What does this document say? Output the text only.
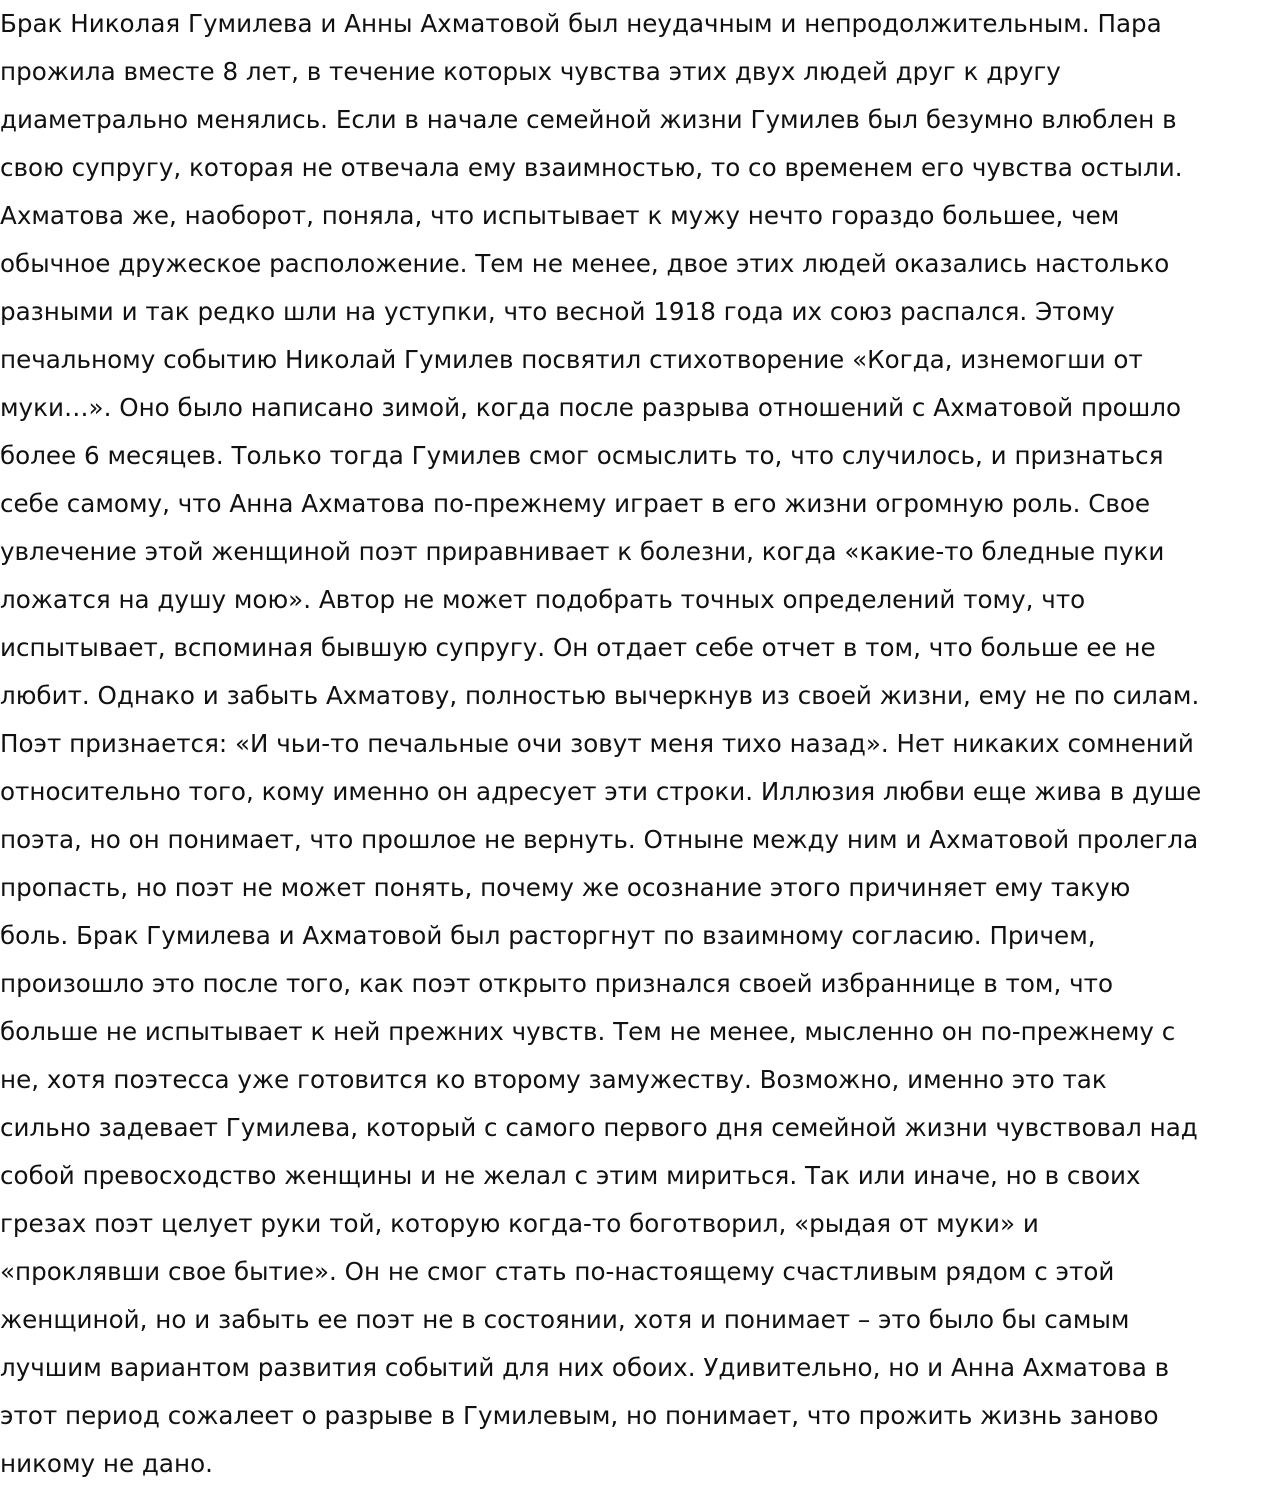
Брак Николая Гумилева и Анны Ахматовой был неудачным и непродолжительным. Пара
прожила вместе 8 лет, в течение которых чувства этих двух людей друг к другу
диаметрально менялись. Если в начале семейной жизни Гумилев был безумно влюблен в
свою супругу, которая не отвечала ему взаимностью, то со временем его чувства остыли.
Ахматова же, наоборот, поняла, что испытывает к мужу нечто гораздо большее, чем
обычное дружеское расположение. Тем не менее, двое этих людей оказались настолько
разными и так редко шли на уступки, что весной 1918 года их союз распался. Этому
печальному событию Николай Гумилев посвятил стихотворение «Когда, изнемогши от
муки…». Оно было написано зимой, когда после разрыва отношений с Ахматовой прошло
более 6 месяцев. Только тогда Гумилев смог осмыслить то, что случилось, и признаться
себе самому, что Анна Ахматова по-прежнему играет в его жизни огромную роль. Свое
увлечение этой женщиной поэт приравнивает к болезни, когда «какие-то бледные пуки
ложатся на душу мою». Автор не может подобрать точных определений тому, что
испытывает, вспоминая бывшую супругу. Он отдает себе отчет в том, что больше ее не
любит. Однако и забыть Ахматову, полностью вычеркнув из своей жизни, ему не по силам.
Поэт признается: «И чьи-то печальные очи зовут меня тихо назад». Нет никаких сомнений
относительно того, кому именно он адресует эти строки. Иллюзия любви еще жива в душе
поэта, но он понимает, что прошлое не вернуть. Отныне между ним и Ахматовой пролегла
пропасть, но поэт не может понять, почему же осознание этого причиняет ему такую
боль. Брак Гумилева и Ахматовой был расторгнут по взаимному согласию. Причем,
произошло это после того, как поэт открыто признался своей избраннице в том, что
больше не испытывает к ней прежних чувств. Тем не менее, мысленно он по-прежнему с
не, хотя поэтесса уже готовится ко второму замужеству. Возможно, именно это так
сильно задевает Гумилева, который с самого первого дня семейной жизни чувствовал над
собой превосходство женщины и не желал с этим мириться. Так или иначе, но в своих
грезах поэт целует руки той, которую когда-то боготворил, «рыдая от муки» и
«проклявши свое бытие». Он не смог стать по-настоящему счастливым рядом с этой
женщиной, но и забыть ее поэт не в состоянии, хотя и понимает – это было бы самым
лучшим вариантом развития событий для них обоих. Удивительно, но и Анна Ахматова в
этот период сожалеет о разрыве в Гумилевым, но понимает, что прожить жизнь заново
никому не дано.
